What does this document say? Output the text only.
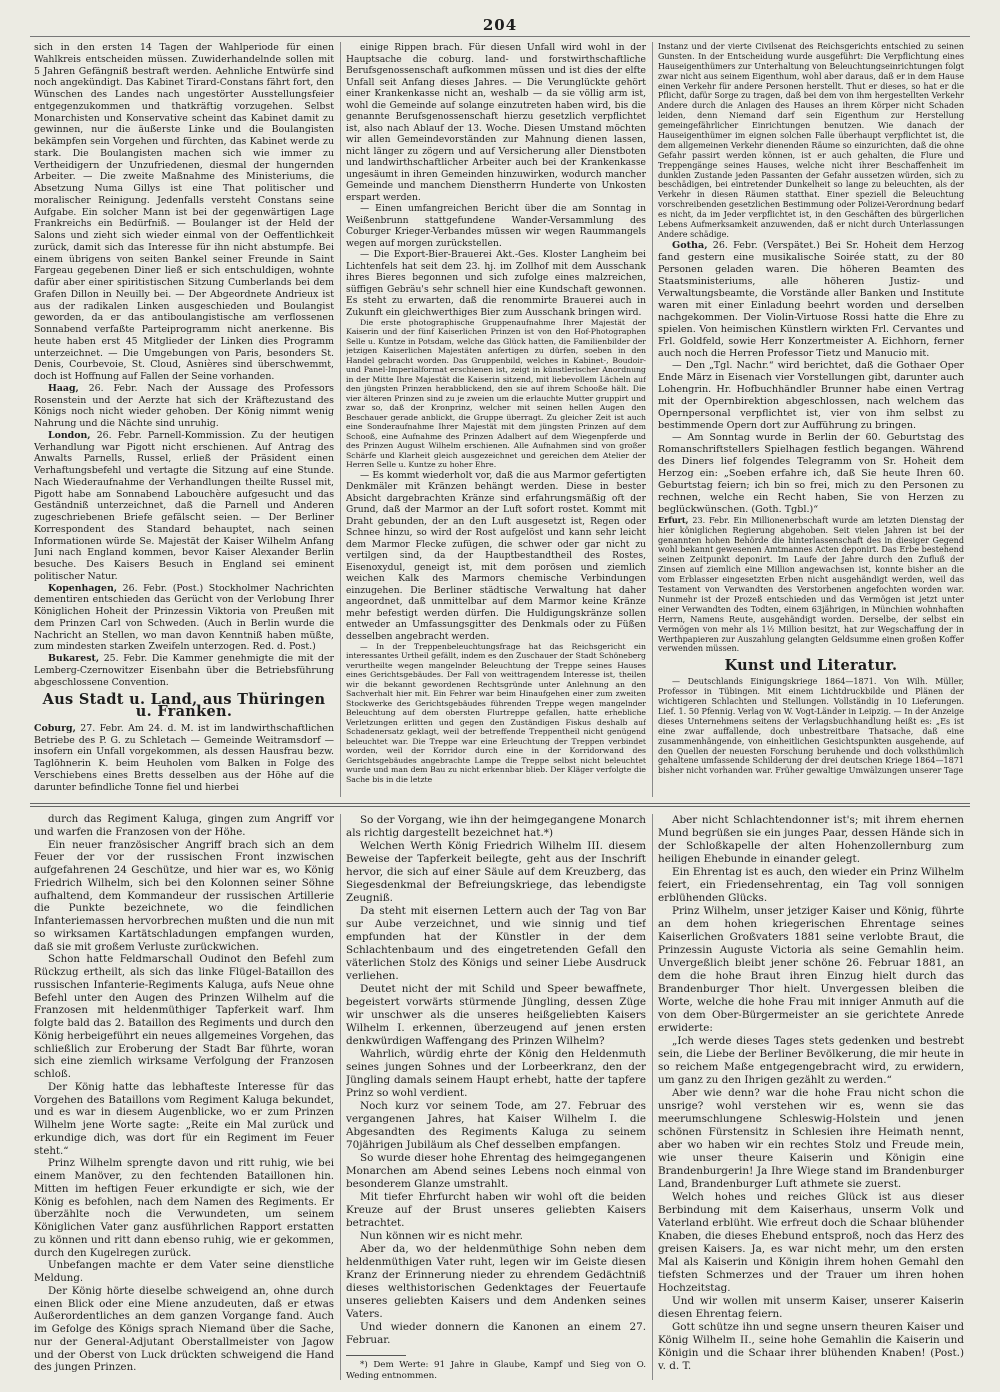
204

sich in den ersten 14 Tagen der Wahlperiode für einen Wahlkreis entscheiden müssen. Zuwiderhandelnde sollen mit 5 Jahren Gefängniß bestraft werden. Aehnliche Entwürfe sind noch angekündigt. Das Kabinet Tirard-Constans fährt fort, den Wünschen des Landes nach ungestörter Ausstellungsfeier entgegenzukommen und thatkräftig vorzugehen. Selbst Monarchisten und Konservative scheint das Kabinet damit zu gewinnen, nur die äußerste Linke und die Boulangisten bekämpfen sein Vorgehen und fürchten, das Kabinet werde zu stark. Die Boulangisten machen sich wie immer zu Vertheidigern der Unzufriedenen, diesmal der hungernden Arbeiter. — Die zweite Maßnahme des Ministeriums, die Absetzung Numa Gillys ist eine That politischer und moralischer Reinigung. Jedenfalls versteht Constans seine Aufgabe. Ein solcher Mann ist bei der gegenwärtigen Lage Frankreichs ein Bedürfniß. — Boulanger ist der Held der Salons und zieht sich wieder einmal von der Oeffentlichkeit zurück, damit sich das Interesse für ihn nicht abstumpfe. Bei einem übrigens von seiten Bankel seiner Freunde in Saint Fargeau gegebenen Diner ließ er sich entschuldigen, wohnte dafür aber einer spiritistischen Sitzung Cumberlands bei dem Grafen Dillon in Neuilly bei. — Der Abgeordnete Andrieux ist aus der radikalen Linken ausgeschieden und Boulangist geworden, da er das antiboulangistische am verflossenen Sonnabend verfaßte Parteiprogramm nicht anerkenne. Bis heute haben erst 45 Mitglieder der Linken dies Programm unterzeichnet. — Die Umgebungen von Paris, besonders St. Denis, Courbevoie, St. Cloud, Asnières sind überschwemmt, doch ist Hoffnung auf Fallen der Seine vorhanden.

Haag, 26. Febr. Nach der Aussage des Professors Rosenstein und der Aerzte hat sich der Kräftezustand des Königs noch nicht wieder gehoben. Der König nimmt wenig Nahrung und die Nächte sind unruhig.

London, 26. Febr. Parnell-Kommission. Zu der heutigen Verhandlung war Pigott nicht erschienen. Auf Antrag des Anwalts Parnells, Russel, erließ der Präsident einen Verhaftungsbefehl und vertagte die Sitzung auf eine Stunde. Nach Wiederaufnahme der Verhandlungen theilte Russel mit, Pigott habe am Sonnabend Labouchère aufgesucht und das Geständniß unterzeichnet, daß die Parnell und Anderen zugeschriebenen Briefe gefälscht seien. — Der Berliner Korrespondent des Standard behauptet, nach seinen Informationen würde Se. Majestät der Kaiser Wilhelm Anfang Juni nach England kommen, bevor Kaiser Alexander Berlin besuche. Des Kaisers Besuch in England sei eminent politischer Natur.

Kopenhagen, 26. Febr. (Post.) Stockholmer Nachrichten dementiren entschieden das Gerücht von der Verlobung Ihrer Königlichen Hoheit der Prinzessin Viktoria von Preußen mit dem Prinzen Carl von Schweden. (Auch in Berlin wurde die Nachricht an Stellen, wo man davon Kenntniß haben müßte, zum mindesten starken Zweifeln unterzogen. Red. d. Post.)

Bukarest, 25. Febr. Die Kammer genehmigte die mit der Lemberg-Czernowitzer Eisenbahn über die Betriebsführung abgeschlossene Convention.

Aus Stadt u. Land, aus Thüringen u. Franken.

Coburg, 27. Febr. Am 24. d. M. ist im landwirthschaftlichen Betriebe des P. G. zu Schletach — Gemeinde Weitramsdorf — insofern ein Unfall vorgekommen, als dessen Hausfrau bezw. Taglöhnerin K. beim Heuholen vom Balken in Folge des Verschiebens eines Bretts desselben aus der Höhe auf die darunter befindliche Tonne fiel und hierbei

einige Rippen brach. Für diesen Unfall wird wohl in der Hauptsache die coburg. land- und forstwirthschaftliche Berufsgenossenschaft aufkommen müssen und ist dies der elfte Unfall seit Anfang dieses Jahres. — Die Verunglückte gehört einer Krankenkasse nicht an, weshalb — da sie völlig arm ist, wohl die Gemeinde auf solange einzutreten haben wird, bis die genannte Berufsgenossenschaft hierzu gesetzlich verpflichtet ist, also nach Ablauf der 13. Woche. Diesen Umstand möchten wir allen Gemeindevorständen zur Mahnung dienen lassen, nicht länger zu zögern und auf Versicherung aller Dienstboten und landwirthschaftlicher Arbeiter auch bei der Krankenkasse ungesäumt in ihren Gemeinden hinzuwirken, wodurch mancher Gemeinde und manchem Dienstherrn Hunderte von Unkosten erspart werden.

— Einen umfangreichen Bericht über die am Sonntag in Weißenbrunn stattgefundene Wander-Versammlung des Coburger Krieger-Verbandes müssen wir wegen Raummangels wegen auf morgen zurückstellen.

— Die Export-Bier-Brauerei Akt.-Ges. Kloster Langheim bei Lichtenfels hat seit dem 23. hj. im Zollhof mit dem Ausschank ihres Bieres begonnen und sich zufolge eines malzreichen, süffigen Gebräu's sehr schnell hier eine Kundschaft gewonnen. Es steht zu erwarten, daß die renommirte Brauerei auch in Zukunft ein gleichwerthiges Bier zum Ausschank bringen wird.

Die erste photographische Gruppenaufnahme Ihrer Majestät der Kaiserin und der fünf Kaiserlichen Prinzen ist von den Hof-Photographen Selle u. Kuntze in Potsdam, welche das Glück hatten, die Familienbilder der jetzigen Kaiserlichen Majestäten anfertigen zu dürfen, soeben in den Handel gebracht worden. Das Gruppenbild, welches in Kabinet-, Boudoir- und Panel-Imperialformat erschienen ist, zeigt in künstlerischer Anordnung in der Mitte Ihre Majestät die Kaiserin sitzend, mit liebevollem Lächeln auf den jüngsten Prinzen herabblickend, den sie auf ihrem Schooße hält. Die vier älteren Prinzen sind zu je zweien um die erlauchte Mutter gruppirt und zwar so, daß der Kronprinz, welcher mit seinen hellen Augen den Beschauer gerade anblickt, die Gruppe überragt. Zu gleicher Zeit ist auch eine Sonderaufnahme Ihrer Majestät mit dem jüngsten Prinzen auf dem Schooß, eine Aufnahme des Prinzen Adalbert auf dem Wiegenpferde und des Prinzen August Wilhelm erschienen. Alle Aufnahmen sind von großer Schärfe und Klarheit gleich ausgezeichnet und gereichen dem Atelier der Herren Selle u. Kuntze zu hoher Ehre.

— Es kommt wiederholt vor, daß die aus Marmor gefertigten Denkmäler mit Kränzen behängt werden. Diese in bester Absicht dargebrachten Kränze sind erfahrungsmäßig oft der Grund, daß der Marmor an der Luft sofort rostet. Kommt mit Draht gebunden, der an den Luft ausgesetzt ist, Regen oder Schnee hinzu, so wird der Rost aufgelöst und kann sehr leicht dem Marmor Flecke zufügen, die schwer oder gar nicht zu vertilgen sind, da der Hauptbestandtheil des Rostes, Eisenoxydul, geneigt ist, mit dem porösen und ziemlich weichen Kalk des Marmors chemische Verbindungen einzugehen. Die Berliner städtische Verwaltung hat daher angeordnet, daß unmittelbar auf dem Marmor keine Kränze mehr befestigt werden dürfen. Die Huldigungskränze sollen entweder an Umfassungsgitter des Denkmals oder zu Füßen desselben angebracht werden.

— In der Treppenbeleuchtungsfrage hat das Reichsgericht ein interessantes Urtheil gefällt, indem es den Zuschauer der Stadt Schöneberg verurtheilte wegen mangelnder Beleuchtung der Treppe seines Hauses eines Gerichtsgebäudes. Der Fall von weittragendem Interesse ist, theilen wir die bekannt gewordenen Rechtsgründe unter Anlehnung an den Sachverhalt hier mit. Ein Fehrer war beim Hinaufgehen einer zum zweiten Stockwerke des Gerichtsgebäudes führenden Treppe wegen mangelnder Beleuchtung auf dem obersten Flurtreppe gefallen, hatte erhebliche Verletzungen erlitten und gegen den Zuständigen Fiskus deshalb auf Schadenersatz geklagt, weil der betreffende Treppentheil nicht genügend beleuchtet war. Die Treppe war eine Erleuchtung der Treppen verbindet worden, weil der Korridor durch eine in der Korridorwand des Gerichtsgebäudes angebrachte Lampe die Treppe selbst nicht beleuchtet wurde und man dem Bau zu nicht erkennbar blieb. Der Kläger verfolgte die Sache bis in die letzte

Instanz und der vierte Civilsenat des Reichsgerichts entschied zu seinen Gunsten. In der Entscheidung wurde ausgeführt: Die Verpflichtung eines Hauseigenthümers zur Unterhaltung von Beleuchtungseinrichtungen folgt zwar nicht aus seinem Eigenthum, wohl aber daraus, daß er in dem Hause einen Verkehr für andere Personen herstellt. Thut er dieses, so hat er die Pflicht, dafür Sorge zu tragen, daß bei dem von ihm hergestellten Verkehr Andere durch die Anlagen des Hauses an ihrem Körper nicht Schaden leiden, denn Niemand darf sein Eigenthum zur Herstellung gemeingefährlicher Einrichtungen benutzen. Wie danach der Hauseigenthümer im eignen solchen Falle überhaupt verpflichtet ist, die dem allgemeinen Verkehr dienenden Räume so einzurichten, daß die ohne Gefahr passirt werden können, ist er auch gehalten, die Flure und Treppengänge seines Hauses, welche nicht ihrer Beschaffenheit im dunklen Zustande jeden Passanten der Gefahr aussetzen würden, sich zu beschädigen, bei eintretender Dunkelheit so lange zu beleuchten, als der Verkehr in diesen Räumen statthat. Einer speziell die Beleuchtung vorschreibenden gesetzlichen Bestimmung oder Polizei-Verordnung bedarf es nicht, da im Jeder verpflichtet ist, in den Geschäften des bürgerlichen Lebens Aufmerksamkeit anzuwenden, daß er nicht durch Unterlassungen Andere schädige.

Gotha, 26. Febr. (Verspätet.) Bei Sr. Hoheit dem Herzog fand gestern eine musikalische Soirée statt, zu der 80 Personen geladen waren. Die höheren Beamten des Staatsministeriums, alle höheren Justiz- und Verwaltungsbeamte, die Vorstände aller Banken und Institute waren mit einer Einladung beehrt worden und derselben nachgekommen. Der Violin-Virtuose Rossi hatte die Ehre zu spielen. Von heimischen Künstlern wirkten Frl. Cervantes und Frl. Goldfeld, sowie Herr Konzertmeister A. Eichhorn, ferner auch noch die Herren Professor Tietz und Manucio mit.

— Den „Tgl. Nachr.“ wird berichtet, daß die Gothaer Oper Ende März in Eisenach vier Vorstellungen gibt, darunter auch Lohengrin. Hr. Hofbuchhändler Brunner habe einen Vertrag mit der Opernbirektion abgeschlossen, nach welchem das Opernpersonal verpflichtet ist, vier von ihm selbst zu bestimmende Opern dort zur Aufführung zu bringen.

— Am Sonntag wurde in Berlin der 60. Geburtstag des Romanschriftstellers Spielhagen festlich begangen. Während des Diners lief folgendes Telegramm von Sr. Hoheit dem Herzog ein: „Soeben erfahre ich, daß Sie heute Ihren 60. Geburtstag feiern; ich bin so frei, mich zu den Personen zu rechnen, welche ein Recht haben, Sie von Herzen zu beglückwünschen. (Goth. Tgbl.)“

Erfurt, 23. Febr. Ein Millionenerbschaft wurde am letzten Dienstag der hier königlichen Regierung abgehoben. Seit vielen Jahren ist bei der genannten hohen Behörde die hinterlassenschaft des in diesiger Gegend wohl bekannt gewesenen Amtmannes Acten deponirt. Das Erbe bestehend seinen Zeitpunkt deponirt. Im Laufe der Jahre durch den Zufluß der Zinsen auf ziemlich eine Million angewachsen ist, konnte bisher an die vom Erblasser eingesetzten Erben nicht ausgehändigt werden, weil das Testament von Verwandten des Verstorbenen angefochten worden war. Nunmehr ist der Prozeß entschieden und das Vermögen ist jetzt unter einer Verwandten des Todten, einem 63jährigen, in Münchien wohnhaften Herrn, Namens Reute, ausgehändigt worden. Derselbe, der selbst ein Vermögen von mehr als 1½ Million besitzt, hat zur Wegschaffung der in Werthpapieren zur Auszahlung gelangten Geldsumme einen großen Koffer verwenden müssen.

Kunst und Literatur.

— Deutschlands Einigungskriege 1864—1871. Von Wilh. Müller, Professor in Tübingen. Mit einem Lichtdruckbilde und Plänen der wichtigeren Schlachten und Stellungen. Vollständig in 10 Lieferungen. Lief. 1. 50 Pfennig. Verlag von W. Vogt-Länder in Leipzig. — In der Anzeige dieses Unternehmens seitens der Verlagsbuchhandlung heißt es: „Es ist eine zwar auffallende, doch unbestreitbare Thatsache, daß eine zusammenhängende, von einheitlichen Gesichtspunkten ausgehende, auf den Quellen der neuesten Forschung beruhende und doch volksthümlich gehaltene umfassende Schilderung der drei deutschen Kriege 1864—1871 bisher nicht vorhanden war. Früher gewaltige Umwälzungen unserer Tage

durch das Regiment Kaluga, gingen zum Angriff vor und warfen die Franzosen von der Höhe.

Ein neuer französischer Angriff brach sich an dem Feuer der vor der russischen Front inzwischen aufgefahrenen 24 Geschütze, und hier war es, wo König Friedrich Wilhelm, sich bei den Kolonnen seiner Söhne aufhaltend, dem Kommandeur der russischen Artillerie die Punkte bezeichnete, wo die feindlichen Infanteriemassen hervorbrechen mußten und die nun mit so wirksamen Kartätschladungen empfangen wurden, daß sie mit großem Verluste zurückwichen.

Schon hatte Feldmarschall Oudinot den Befehl zum Rückzug ertheilt, als sich das linke Flügel-Bataillon des russischen Infanterie-Regiments Kaluga, aufs Neue ohne Befehl unter den Augen des Prinzen Wilhelm auf die Franzosen mit heldenmüthiger Tapferkeit warf. Ihm folgte bald das 2. Bataillon des Regiments und durch den König herbeigeführt ein neues allgemeines Vorgehen, das schließlich zur Eroberung der Stadt Bar führte, woran sich eine ziemlich wirksame Verfolgung der Franzosen schloß.

Der König hatte das lebhafteste Interesse für das Vorgehen des Bataillons vom Regiment Kaluga bekundet, und es war in diesem Augenblicke, wo er zum Prinzen Wilhelm jene Worte sagte: „Reite ein Mal zurück und erkundige dich, was dort für ein Regiment im Feuer steht.“

Prinz Wilhelm sprengte davon und ritt ruhig, wie bei einem Manöver, zu den fechtenden Bataillonen hin. Mitten im heftigen Feuer erkundigte er sich, wie der König es befohlen, nach dem Namen des Regiments. Er überzählte noch die Verwundeten, um seinem Königlichen Vater ganz ausführlichen Rapport erstatten zu können und ritt dann ebenso ruhig, wie er gekommen, durch den Kugelregen zurück.

Unbefangen machte er dem Vater seine dienstliche Meldung.

Der König hörte dieselbe schweigend an, ohne durch einen Blick oder eine Miene anzudeuten, daß er etwas Außerordentliches an dem ganzen Vorgange fand. Auch im Gefolge des Königs sprach Niemand über die Sache, nur der General-Adjutant Oberstallmeister von Jagow und der Oberst von Luck drückten schweigend die Hand des jungen Prinzen.

So der Vorgang, wie ihn der heimgegangene Monarch als richtig dargestellt bezeichnet hat.*)

Welchen Werth König Friedrich Wilhelm III. diesem Beweise der Tapferkeit beilegte, geht aus der Inschrift hervor, die sich auf einer Säule auf dem Kreuzberg, das Siegesdenkmal der Befreiungskriege, das lebendigste Zeugniß.

Da steht mit eisernen Lettern auch der Tag von Bar sur Aube verzeichnet, und wie sinnig und tief empfunden hat der Künstler in der dem Schlachtenbaum und des eingetretenden Gefall den väterlichen Stolz des Königs und seiner Liebe Ausdruck verliehen.

Deutet nicht der mit Schild und Speer bewaffnete, begeistert vorwärts stürmende Jüngling, dessen Züge wir unschwer als die unseres heißgeliebten Kaisers Wilhelm I. erkennen, überzeugend auf jenen ersten denkwürdigen Waffengang des Prinzen Wilhelm?

Wahrlich, würdig ehrte der König den Heldenmuth seines jungen Sohnes und der Lorbeerkranz, den der Jüngling damals seinem Haupt erhebt, hatte der tapfere Prinz so wohl verdient.

Noch kurz vor seinem Tode, am 27. Februar des vergangenen Jahres, hat Kaiser Wilhelm I. die Abgesandten des Regiments Kaluga zu seinem 70jährigen Jubiläum als Chef desselben empfangen.

So wurde dieser hohe Ehrentag des heimgegangenen Monarchen am Abend seines Lebens noch einmal von besonderem Glanze umstrahlt.

Mit tiefer Ehrfurcht haben wir wohl oft die beiden Kreuze auf der Brust unseres geliebten Kaisers betrachtet.

Nun können wir es nicht mehr.

Aber da, wo der heldenmüthige Sohn neben dem heldenmüthigen Vater ruht, legen wir im Geiste diesen Kranz der Erinnerung nieder zu ehrendem Gedächtniß dieses welthistorischen Gedenktages der Feuertaufe unseres geliebten Kaisers und dem Andenken seines Vaters.

Und wieder donnern die Kanonen an einem 27. Februar.

*) Dem Werte: 91 Jahre in Glaube, Kampf und Sieg von O. Weding entnommen.

Aber nicht Schlachtendonner ist's; mit ihrem ehernen Mund begrüßen sie ein junges Paar, dessen Hände sich in der Schloßkapelle der alten Hohenzollernburg zum heiligen Ehebunde in einander gelegt.

Ein Ehrentag ist es auch, den wieder ein Prinz Wilhelm feiert, ein Friedensehrentag, ein Tag voll sonnigen erblühenden Glücks.

Prinz Wilhelm, unser jetziger Kaiser und König, führte an dem hohen kriegerischen Ehrentage seines Kaiserlichen Großvaters 1881 seine verlobte Braut, die Prinzessin Auguste Victoria als seine Gemahlin heim. Unvergeßlich bleibt jener schöne 26. Februar 1881, an dem die hohe Braut ihren Einzug hielt durch das Brandenburger Thor hielt. Unvergessen bleiben die Worte, welche die hohe Frau mit inniger Anmuth auf die von dem Ober-Bürgermeister an sie gerichtete Anrede erwiderte:

„Ich werde dieses Tages stets gedenken und bestrebt sein, die Liebe der Berliner Bevölkerung, die mir heute in so reichem Maße entgegengebracht wird, zu erwidern, um ganz zu den Ihrigen gezählt zu werden.“

Aber wie denn? war die hohe Frau nicht schon die unsrige? wohl verstehen wir es, wenn sie das meerumschlungene Schleswig-Holstein und jenen schönen Fürstensitz in Schlesien ihre Heimath nennt, aber wo haben wir ein rechtes Stolz und Freude mein, wie unser theure Kaiserin und Königin eine Brandenburgerin! Ja Ihre Wiege stand im Brandenburger Land, Brandenburger Luft athmete sie zuerst.

Welch hohes und reiches Glück ist aus dieser Berbindung mit dem Kaiserhaus, unserm Volk und Vaterland erblüht. Wie erfreut doch die Schaar blühender Knaben, die dieses Ehebund entsproß, noch das Herz des greisen Kaisers. Ja, es war nicht mehr, um den ersten Mal als Kaiserin und Königin ihrem hohen Gemahl den tiefsten Schmerzes und der Trauer um ihren hohen Hochzeitstag.

Und wir wollen mit unserm Kaiser, unserer Kaiserin diesen Ehrentag feiern.

Gott schütze ihn und segne unsern theuren Kaiser und König Wilhelm II., seine hohe Gemahlin die Kaiserin und Königin und die Schaar ihrer blühenden Knaben! (Post.) v. d. T.
